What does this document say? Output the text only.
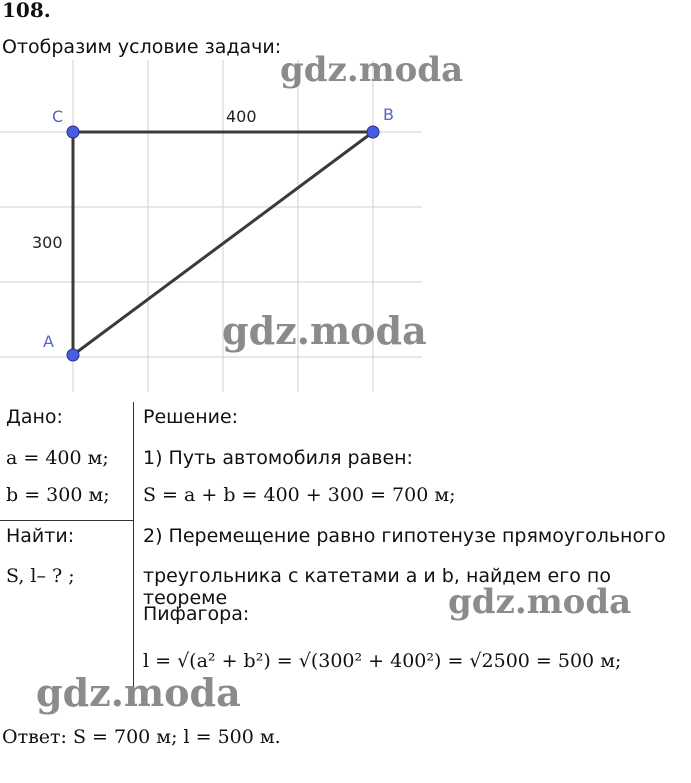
108.
Отобразим условие задачи:
C	B
A
400
300
Дано:
a = 400 м;
b = 300 м;
Найти:
S, l– ? ;
Решение:
1) Путь автомобиля равен:
S = a + b = 400 + 300 = 700 м;
2) Перемещение равно гипотенузе прямоугольного
треугольника с катетами a и b, найдем его по теореме
Пифагора:
l = √(a² + b²) = √(300² + 400²) = √2500 = 500 м;
Ответ: S = 700 м; l = 500 м.
gdz.moda
gdz.moda
gdz.moda
gdz.moda
